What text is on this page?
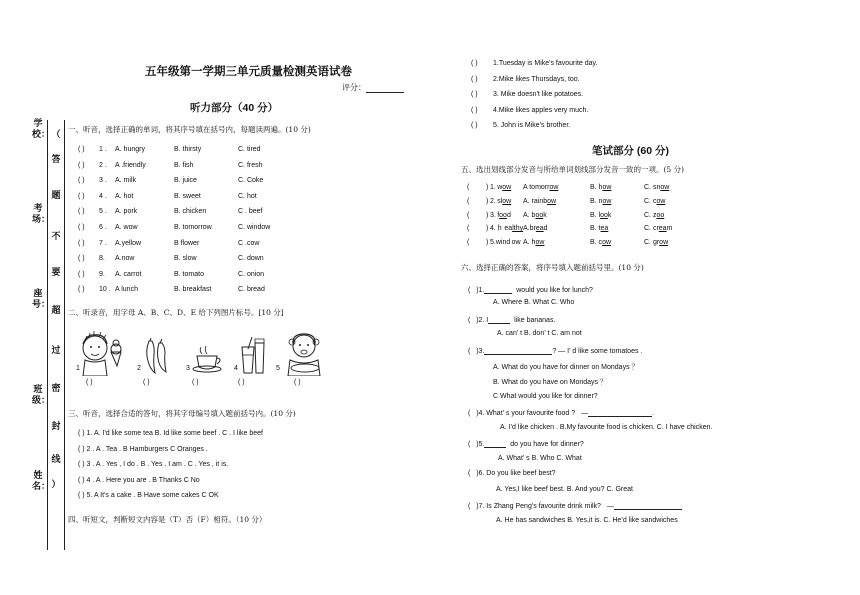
学校：
考场：
座号：
班级：
姓名：
（
答
题
不
要
超
过
密
封
线
）
五年级第一学期三单元质量检测英语试卷
评分：
听力部分（40 分）
一、听音，选择正确的单词，将其序号填在括号内，每题读两遍。(10 分)
( ) 1 . A. hungry	B. thirsty	C. tired
( ) 2 . A .friendly	B. fish	C. fresh
( ) 3 . A. milk	B. juice	C. Coke
( ) 4 . A. hot	B. sweet	C. hot
( ) 5 . A. pork	B. chicken	C . beef
( ) 6 . A. wow	B. tomorrow	C. window
( ) 7 . A.yellow	B flower	C .cow
( ) 8. A.now	B. slow	C. down
( ) 9. A. carrot	B. tomato	C. onion
( ) 10 . A lunch	B. breakfast	C. bread
二、听录音，用字母 A、B、C、D、E 给下列图片标号。[10 分]
1	2	3	4	5
( )	( )	( )	( )	( )
三、听音，选择合适的答句，将其字母编号填入题前括号内。(10 分)
( ) 1. A. I'd like some tea B. Id like some beef . C . I like beef
( ) 2 . A . Tea . B Hamburgers C Oranges .
( ) 3 . A . Yes , I do . B . Yes . I am . C . Yes , it is.
( ) 4 . A . Here you are . B Thanks C No
( ) 5. A It's a cake . B Have some cakes C OK
四、听短文，判断短文内容是（T）否（F）相符。（10 分）
( ) 1.Tuesday is Mike's favourite day.
( ) 2.Mike likes Thursdays, too.
( ) 3. Mike doesn't like potatoes.
( ) 4.Mike likes apples very much.
( ) 5. John is Mike's brother.
笔试部分 (60 分)
五、选出划线部分发音与所给单词划线部分发音一致的一项。(5 分)
( ) 1. wow A tomorrow	B. how	C. snow
( ) 2. slow A. rainbow	B. now	C. cow
( ) 3. food A. book	B. look	C. zoo
( ) 4. h ealthy A.bread	B. tea	C. cream
( ) 5.wind ow A. how	B. cow	C. grow
六、选择正确的答案，将序号填入题前括号里。(10 分)
( )1.	would you like for lunch?
A. Where B. What C. Who
( )2. I	like bananas.
A. can’ t B. don’ t C. am not
( )3.	? — I’ d like some tomatoes .
A. What do you have for dinner on Mondays ？
B. What do you have on Mondays ？
C What would you like for dinner?
( )4. What’ s your favourite food ? —	.
A. I’d like chicken . B.My favourite food is chicken. C. I have chicken.
( )5.	do you have for dinner?
A. What’ s B. Who C. What
( )6. Do you like beef best?
A. Yes,I like beef best. B. And you? C. Great
( )7. Is Zhang Peng’s favourite drink milk? —
A. He has sandwiches B. Yes,it is. C. He’d like sandwiches
